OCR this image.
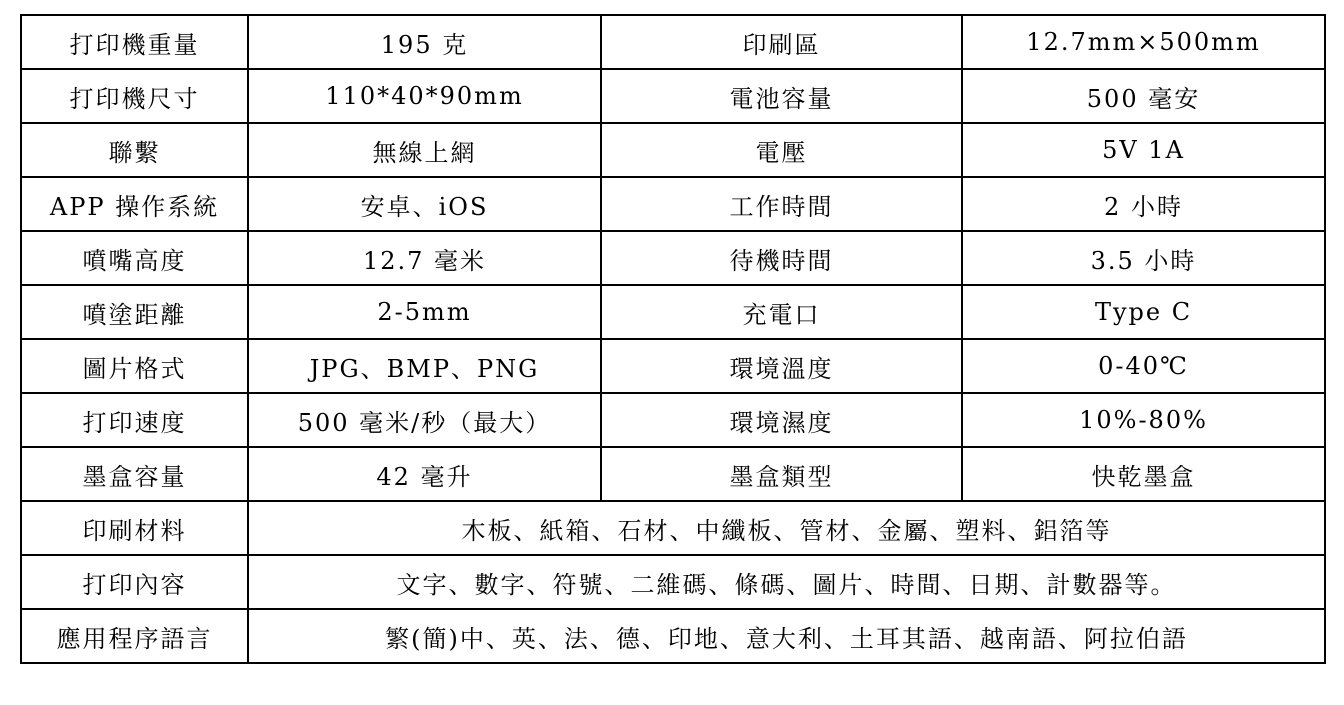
打印機重量	195 克	印刷區	12.7mm×500mm
打印機尺寸	110*40*90mm	電池容量	500 毫安
聯繫	無線上網	電壓	5V 1A
APP 操作系統	安卓、iOS	工作時間	2 小時
噴嘴高度	12.7 毫米	待機時間	3.5 小時
噴塗距離	2-5mm	充電口	Type C
圖片格式	JPG、BMP、PNG	環境溫度	0-40℃
打印速度	500 毫米/秒（最大）	環境濕度	10%-80%
墨盒容量	42 毫升	墨盒類型	快乾墨盒
印刷材料	木板、紙箱、石材、中纖板、管材、金屬、塑料、鋁箔等		
打印內容	文字、數字、符號、二維碼、條碼、圖片、時間、日期、計數器等。		
應用程序語言	繁(簡)中、英、法、德、印地、意大利、土耳其語、越南語、阿拉伯語		
